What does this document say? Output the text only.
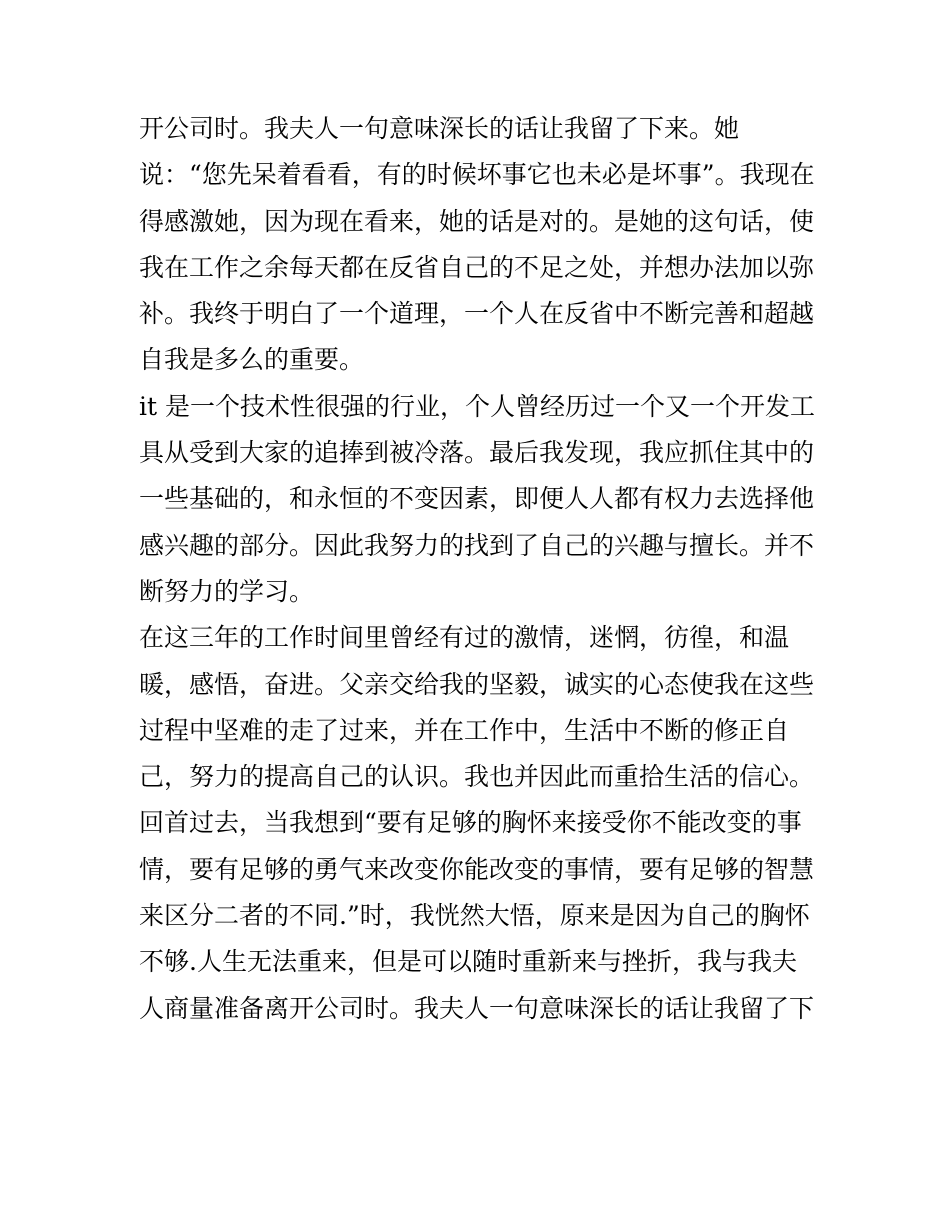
开公司时。我夫人一句意味深长的话让我留了下来。她
说：“您先呆着看看，有的时候坏事它也未必是坏事”。我现在
得感激她，因为现在看来，她的话是对的。是她的这句话，使
我在工作之余每天都在反省自己的不足之处，并想办法加以弥
补。我终于明白了一个道理，一个人在反省中不断完善和超越
自我是多么的重要。
it 是一个技术性很强的行业，个人曾经历过一个又一个开发工
具从受到大家的追捧到被冷落。最后我发现，我应抓住其中的
一些基础的，和永恒的不变因素，即便人人都有权力去选择他
感兴趣的部分。因此我努力的找到了自己的兴趣与擅长。并不
断努力的学习。
在这三年的工作时间里曾经有过的激情，迷惘，彷徨，和温
暖，感悟，奋进。父亲交给我的坚毅，诚实的心态使我在这些
过程中坚难的走了过来，并在工作中，生活中不断的修正自
己，努力的提高自己的认识。我也并因此而重拾生活的信心。
回首过去，当我想到“要有足够的胸怀来接受你不能改变的事
情，要有足够的勇气来改变你能改变的事情，要有足够的智慧
来区分二者的不同.”时，我恍然大悟，原来是因为自己的胸怀
不够.人生无法重来，但是可以随时重新来与挫折，我与我夫
人商量准备离开公司时。我夫人一句意味深长的话让我留了下
